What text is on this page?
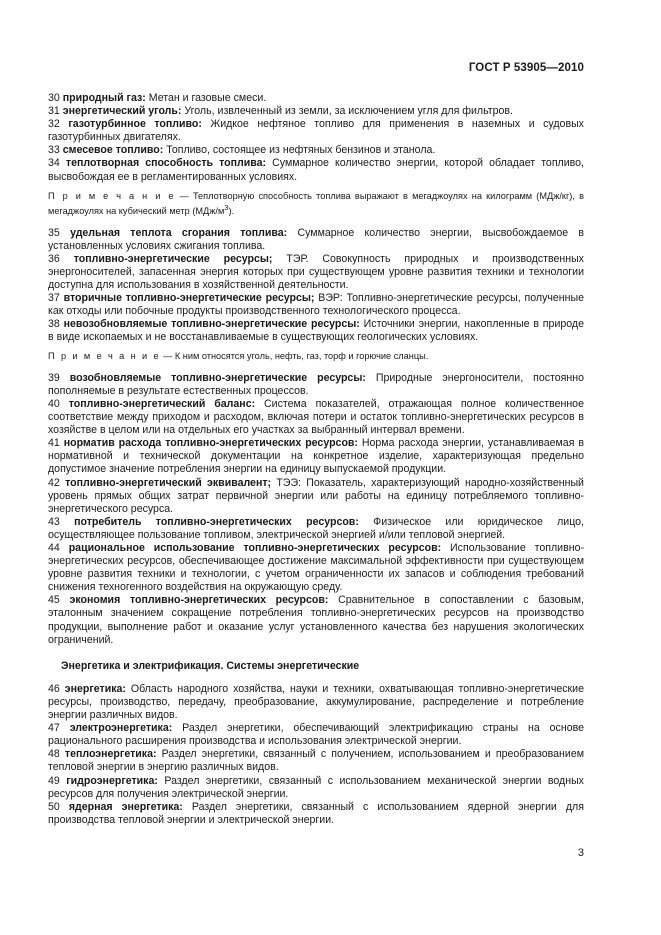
ГОСТ Р 53905—2010
30 природный газ: Метан и газовые смеси.
31 энергетический уголь: Уголь, извлеченный из земли, за исключением угля для фильтров.
32 газотурбинное топливо: Жидкое нефтяное топливо для применения в наземных и судовых газотурбинных двигателях.
33 смесевое топливо: Топливо, состоящее из нефтяных бензинов и этанола.
34 теплотворная способность топлива: Суммарное количество энергии, которой обладает топливо, высвобождая ее в регламентированных условиях.
П р и м е ч а н и е — Теплотворную способность топлива выражают в мегаджоулях на килограмм (МДж/кг), в мегаджоулях на кубический метр $(МДж/м^3)$.
35 удельная теплота сгорания топлива: Суммарное количество энергии, высвобождаемое в установленных условиях сжигания топлива.
36 топливно-энергетические ресурсы; ТЭР. Совокупность природных и производственных энергоносителей, запасенная энергия которых при существующем уровне развития техники и технологии доступна для использования в хозяйственной деятельности.
37 вторичные топливно-энергетические ресурсы; ВЭР: Топливно-энергетические ресурсы, полученные как отходы или побочные продукты производственного технологического процесса.
38 невозобновляемые топливно-энергетические ресурсы: Источники энергии, накопленные в природе в виде ископаемых и не восстанавливаемые в существующих геологических условиях.
П р и м е ч а н и е — К ним относятся уголь, нефть, газ, торф и горючие сланцы.
39 возобновляемые топливно-энергетические ресурсы: Природные энергоносители, постоянно пополняемые в результате естественных процессов.
40 топливно-энергетический баланс: Система показателей, отражающая полное количественное соответствие между приходом и расходом, включая потери и остаток топливно-энергетических ресурсов в хозяйстве в целом или на отдельных его участках за выбранный интервал времени.
41 норматив расхода топливно-энергетических ресурсов: Норма расхода энергии, устанавливаемая в нормативной и технической документации на конкретное изделие, характеризующая предельно допустимое значение потребления энергии на единицу выпускаемой продукции.
42 топливно-энергетический эквивалент; ТЭЭ: Показатель, характеризующий народно-хозяйственный уровень прямых общих затрат первичной энергии или работы на единицу потребляемого топливно-энергетического ресурса.
43 потребитель топливно-энергетических ресурсов: Физическое или юридическое лицо, осуществляющее пользование топливом, электрической энергией и/или тепловой энергией.
44 рациональное использование топливно-энергетических ресурсов: Использование топливно-энергетических ресурсов, обеспечивающее достижение максимальной эффективности при существующем уровне развития техники и технологии, с учетом ограниченности их запасов и соблюдения требований снижения техногенного воздействия на окружающую среду.
45 экономия топливно-энергетических ресурсов: Сравнительное в сопоставлении с базовым, эталонным значением сокращение потребления топливно-энергетических ресурсов на производство продукции, выполнение работ и оказание услуг установленного качества без нарушения экологических ограничений.
Энергетика и электрификация. Системы энергетические
46 энергетика: Область народного хозяйства, науки и техники, охватывающая топливно-энергетические ресурсы, производство, передачу, преобразование, аккумулирование, распределение и потребление энергии различных видов.
47 электроэнергетика: Раздел энергетики, обеспечивающий электрификацию страны на основе рационального расширения производства и использования электрической энергии.
48 теплоэнергетика: Раздел энергетики, связанный с получением, использованием и преобразованием тепловой энергии в энергию различных видов.
49 гидроэнергетика: Раздел энергетики, связанный с использованием механической энергии водных ресурсов для получения электрической энергии.
50 ядерная энергетика: Раздел энергетики, связанный с использованием ядерной энергии для производства тепловой энергии и электрической энергии.
3
